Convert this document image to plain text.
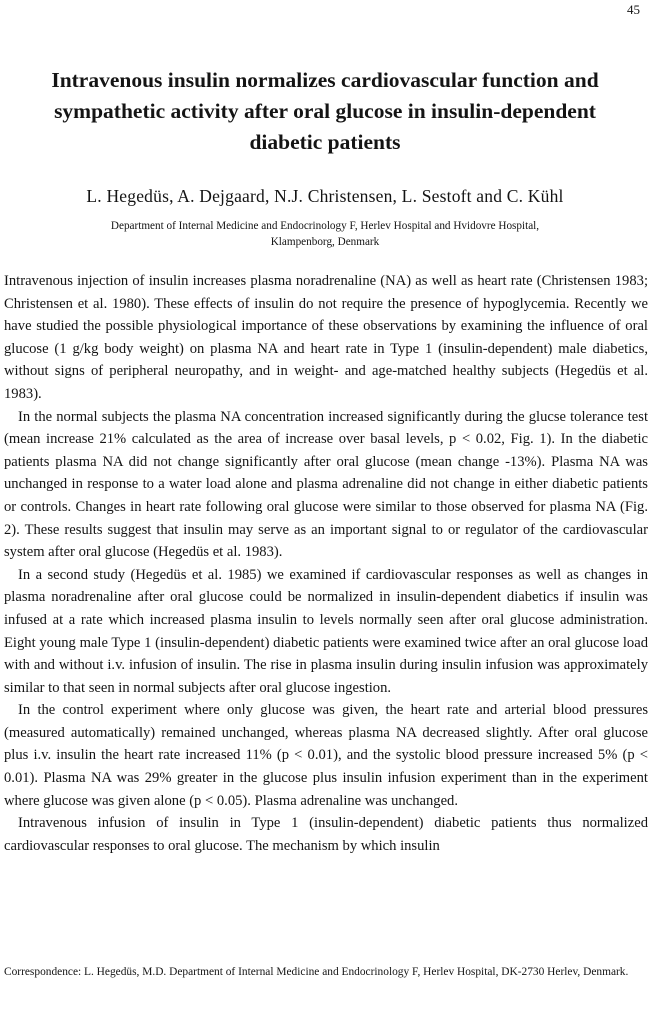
45
Intravenous insulin normalizes cardiovascular function and
sympathetic activity after oral glucose in insulin-dependent
diabetic patients
L. Hegedüs, A. Dejgaard, N.J. Christensen, L. Sestoft and C. Kühl
Department of Internal Medicine and Endocrinology F, Herlev Hospital and Hvidovre Hospital,
Klampenborg, Denmark

Intravenous injection of insulin increases plasma noradrenaline (NA) as well as heart rate (Christensen 1983; Christensen et al. 1980). These effects of insulin do not require the presence of hypoglycemia. Recently we have studied the possible physiological importance of these observations by examining the influence of oral glucose (1 g/kg body weight) on plasma NA and heart rate in Type 1 (insulin-dependent) male diabetics, without signs of peripheral neuropathy, and in weight- and age-matched healthy subjects (Hegedüs et al. 1983).

In the normal subjects the plasma NA concentration increased significantly during the glucse tolerance test (mean increase 21% calculated as the area of increase over basal levels, p < 0.02, Fig. 1). In the diabetic patients plasma NA did not change significantly after oral glucose (mean change -13%). Plasma NA was unchanged in response to a water load alone and plasma adrenaline did not change in either diabetic patients or controls. Changes in heart rate following oral glucose were similar to those observed for plasma NA (Fig. 2). These results suggest that insulin may serve as an important signal to or regulator of the cardiovascular system after oral glucose (Hegedüs et al. 1983).

In a second study (Hegedüs et al. 1985) we examined if cardiovascular responses as well as changes in plasma noradrenaline after oral glucose could be normalized in insulin-dependent diabetics if insulin was infused at a rate which increased plasma insulin to levels normally seen after oral glucose administration. Eight young male Type 1 (insulin-dependent) diabetic patients were examined twice after an oral glucose load with and without i.v. infusion of insulin. The rise in plasma insulin during insulin infusion was approximately similar to that seen in normal subjects after oral glucose ingestion.

In the control experiment where only glucose was given, the heart rate and arterial blood pressures (measured automatically) remained unchanged, whereas plasma NA decreased slightly. After oral glucose plus i.v. insulin the heart rate increased 11% (p < 0.01), and the systolic blood pressure increased 5% (p < 0.01). Plasma NA was 29% greater in the glucose plus insulin infusion experiment than in the experiment where glucose was given alone (p < 0.05). Plasma adrenaline was unchanged.

Intravenous infusion of insulin in Type 1 (insulin-dependent) diabetic patients thus normalized cardiovascular responses to oral glucose. The mechanism by which insulin

Correspondence: L. Hegedüs, M.D. Department of Internal Medicine and Endocrinology F, Herlev Hospital, DK-2730 Herlev, Denmark.
